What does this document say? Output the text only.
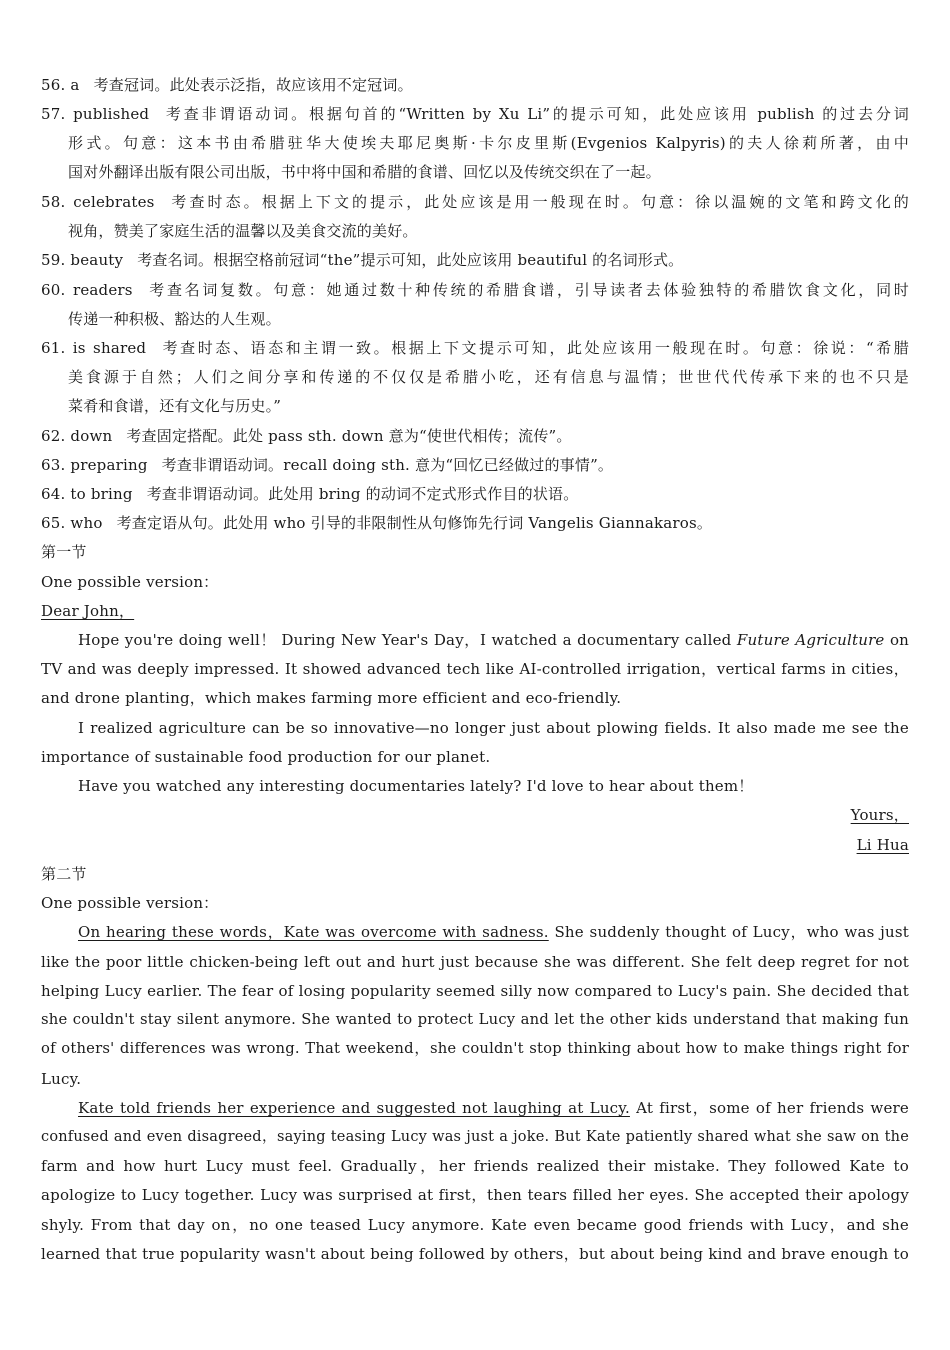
56. a 考查冠词。此处表示泛指，故应该用不定冠词。
57. published 考查非谓语动词。根据句首的“Written by Xu Li”的提示可知，此处应该用 publish 的过去分词
形式。句意：这本书由希腊驻华大使埃夫耶尼奥斯·卡尔皮里斯(Evgenios Kalpyris)的夫人徐莉所著，由中
国对外翻译出版有限公司出版，书中将中国和希腊的食谱、回忆以及传统交织在了一起。
58. celebrates 考查时态。根据上下文的提示，此处应该是用一般现在时。句意：徐以温婉的文笔和跨文化的
视角，赞美了家庭生活的温馨以及美食交流的美好。
59. beauty 考查名词。根据空格前冠词“the”提示可知，此处应该用 beautiful 的名词形式。
60. readers 考查名词复数。句意：她通过数十种传统的希腊食谱，引导读者去体验独特的希腊饮食文化，同时
传递一种积极、豁达的人生观。
61. is shared 考查时态、语态和主谓一致。根据上下文提示可知，此处应该用一般现在时。句意：徐说：“希腊
美食源于自然；人们之间分享和传递的不仅仅是希腊小吃，还有信息与温情；世世代代传承下来的也不只是
菜肴和食谱，还有文化与历史。”
62. down 考查固定搭配。此处 pass sth. down 意为“使世代相传；流传”。
63. preparing 考查非谓语动词。recall doing sth. 意为“回忆已经做过的事情”。
64. to bring 考查非谓语动词。此处用 bring 的动词不定式形式作目的状语。
65. who 考查定语从句。此处用 who 引导的非限制性从句修饰先行词 Vangelis Giannakaros。
第一节
One possible version：
Dear John，
Hope you're doing well！ During New Year's Day，I watched a documentary called Future Agriculture on
TV and was deeply impressed. It showed advanced tech like AI-controlled irrigation，vertical farms in cities，
and drone planting，which makes farming more efficient and eco-friendly.
I realized agriculture can be so innovative—no longer just about plowing fields. It also made me see the
importance of sustainable food production for our planet.
Have you watched any interesting documentaries lately? I'd love to hear about them！
Yours，
Li Hua
第二节
One possible version：
On hearing these words，Kate was overcome with sadness. She suddenly thought of Lucy，who was just
like the poor little chicken-being left out and hurt just because she was different. She felt deep regret for not
helping Lucy earlier. The fear of losing popularity seemed silly now compared to Lucy's pain. She decided that
she couldn't stay silent anymore. She wanted to protect Lucy and let the other kids understand that making fun
of others' differences was wrong. That weekend，she couldn't stop thinking about how to make things right for
Lucy.
Kate told friends her experience and suggested not laughing at Lucy. At first，some of her friends were
confused and even disagreed，saying teasing Lucy was just a joke. But Kate patiently shared what she saw on the
farm and how hurt Lucy must feel. Gradually，her friends realized their mistake. They followed Kate to
apologize to Lucy together. Lucy was surprised at first，then tears filled her eyes. She accepted their apology
shyly. From that day on，no one teased Lucy anymore. Kate even became good friends with Lucy，and she
learned that true popularity wasn't about being followed by others，but about being kind and brave enough to
